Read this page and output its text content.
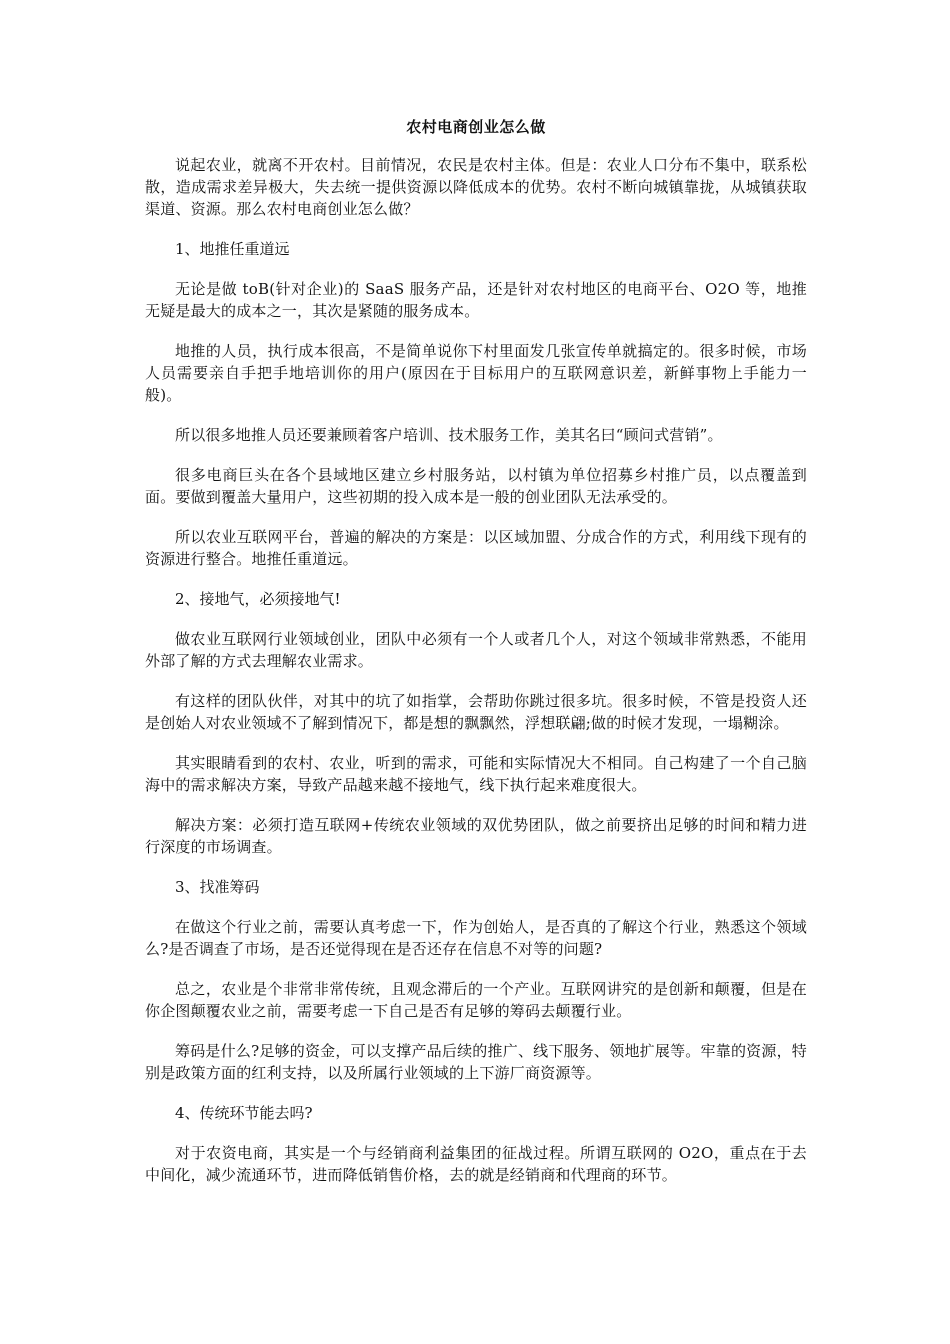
农村电商创业怎么做

说起农业，就离不开农村。目前情况，农民是农村主体。但是：农业人口分布不集中，联系松散，造成需求差异极大，失去统一提供资源以降低成本的优势。农村不断向城镇靠拢，从城镇获取渠道、资源。那么农村电商创业怎么做？

1、地推任重道远

无论是做 toB(针对企业)的 SaaS 服务产品，还是针对农村地区的电商平台、O2O 等，地推无疑是最大的成本之一，其次是紧随的服务成本。

地推的人员，执行成本很高，不是简单说你下村里面发几张宣传单就搞定的。很多时候，市场人员需要亲自手把手地培训你的用户(原因在于目标用户的互联网意识差，新鲜事物上手能力一般)。

所以很多地推人员还要兼顾着客户培训、技术服务工作，美其名曰“顾问式营销”。

很多电商巨头在各个县域地区建立乡村服务站，以村镇为单位招募乡村推广员，以点覆盖到面。要做到覆盖大量用户，这些初期的投入成本是一般的创业团队无法承受的。

所以农业互联网平台，普遍的解决的方案是：以区域加盟、分成合作的方式，利用线下现有的资源进行整合。地推任重道远。

2、接地气，必须接地气!

做农业互联网行业领域创业，团队中必须有一个人或者几个人，对这个领域非常熟悉，不能用外部了解的方式去理解农业需求。

有这样的团队伙伴，对其中的坑了如指掌，会帮助你跳过很多坑。很多时候，不管是投资人还是创始人对农业领域不了解到情况下，都是想的飘飘然，浮想联翩;做的时候才发现，一塌糊涂。

其实眼睛看到的农村、农业，听到的需求，可能和实际情况大不相同。自己构建了一个自己脑海中的需求解决方案，导致产品越来越不接地气，线下执行起来难度很大。

解决方案：必须打造互联网+传统农业领域的双优势团队，做之前要挤出足够的时间和精力进行深度的市场调查。

3、找准筹码

在做这个行业之前，需要认真考虑一下，作为创始人，是否真的了解这个行业，熟悉这个领域么?是否调查了市场，是否还觉得现在是否还存在信息不对等的问题?

总之，农业是个非常非常传统，且观念滞后的一个产业。互联网讲究的是创新和颠覆，但是在你企图颠覆农业之前，需要考虑一下自己是否有足够的筹码去颠覆行业。

筹码是什么?足够的资金，可以支撑产品后续的推广、线下服务、领地扩展等。牢靠的资源，特别是政策方面的红利支持，以及所属行业领域的上下游厂商资源等。

4、传统环节能去吗?

对于农资电商，其实是一个与经销商利益集团的征战过程。所谓互联网的 O2O，重点在于去中间化，减少流通环节，进而降低销售价格，去的就是经销商和代理商的环节。
